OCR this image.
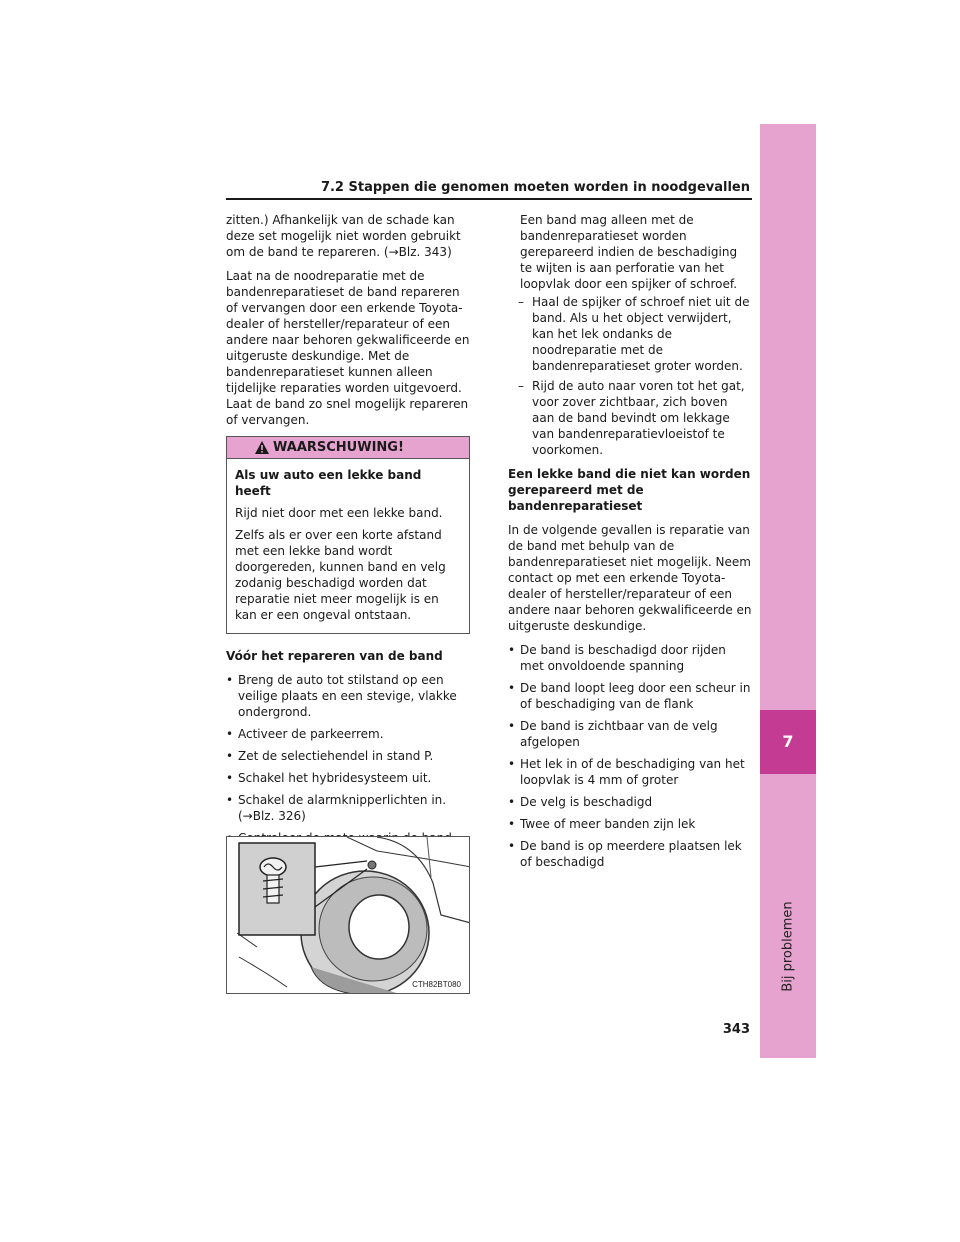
7
Bij problemen
7.2 Stappen die genomen moeten worden in noodgevallen

zitten.) Afhankelijk van de schade kan deze set mogelijk niet worden gebruikt om de band te repareren. (→Blz. 343)

Laat na de noodreparatie met de bandenreparatieset de band repareren of vervangen door een erkende Toyota-dealer of hersteller/reparateur of een andere naar behoren gekwalificeerde en uitgeruste deskundige. Met de bandenreparatieset kunnen alleen tijdelijke reparaties worden uitgevoerd. Laat de band zo snel mogelijk repareren of vervangen.

WAARSCHUWING!

Als uw auto een lekke band heeft

Rijd niet door met een lekke band.

Zelfs als er over een korte afstand met een lekke band wordt doorgereden, kunnen band en velg zodanig beschadigd worden dat reparatie niet meer mogelijk is en kan er een ongeval ontstaan.

Vóór het repareren van de band

• Breng de auto tot stilstand op een veilige plaats en een stevige, vlakke ondergrond.
• Activeer de parkeerrem.
• Zet de selectiehendel in stand P.
• Schakel het hybridesysteem uit.
• Schakel de alarmknipperlichten in. (→Blz. 326)
•
CTH82BT080

Een band mag alleen met de bandenreparatieset worden gerepareerd indien de beschadiging te wijten is aan perforatie van het loopvlak door een spijker of schroef.

– Haal de spijker of schroef niet uit de band. Als u het object verwijdert, kan het lek ondanks de noodreparatie met de bandenreparatieset groter worden.
– Rijd de auto naar voren tot het gat, voor zover zichtbaar, zich boven aan de band bevindt om lekkage van bandenreparatievloeistof te voorkomen.

Een lekke band die niet kan worden gerepareerd met de bandenreparatieset

In de volgende gevallen is reparatie van de band met behulp van de bandenreparatieset niet mogelijk. Neem contact op met een erkende Toyota-dealer of hersteller/reparateur of een andere naar behoren gekwalificeerde en uitgeruste deskundige.

• De band is beschadigd door rijden met onvoldoende spanning
• De band loopt leeg door een scheur in of beschadiging van de flank
• De band is zichtbaar van de velg afgelopen
• Het lek in of de beschadiging van het loopvlak is 4 mm of groter
• De velg is beschadigd
• Twee of meer banden zijn lek
• De band is op meerdere plaatsen lek of beschadigd
343
